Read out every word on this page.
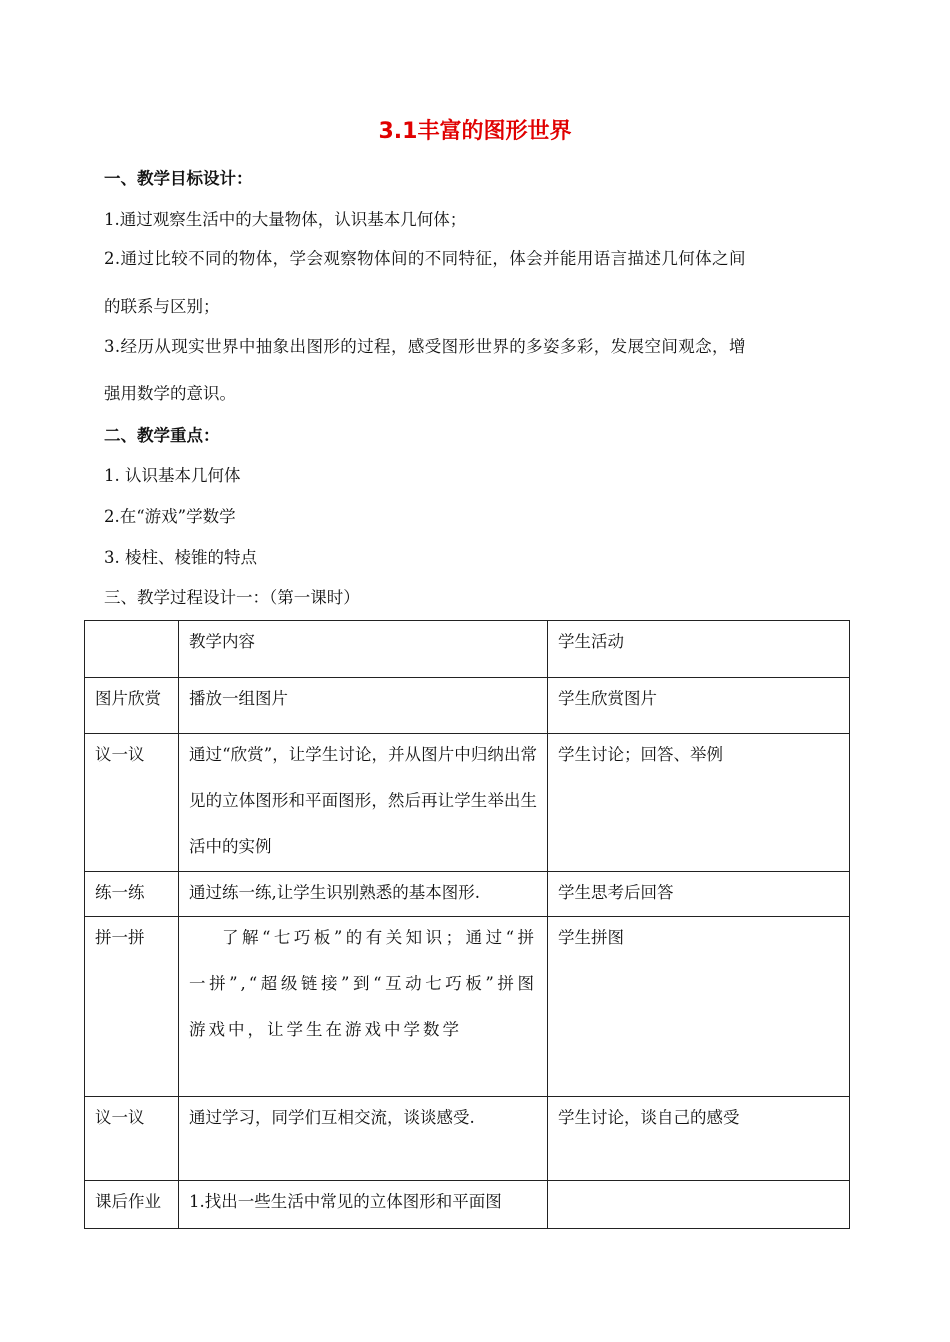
3.1丰富的图形世界
一、教学目标设计：
1.通过观察生活中的大量物体，认识基本几何体；
2.通过比较不同的物体，学会观察物体间的不同特征，体会并能用语言描述几何体之间
的联系与区别；
3.经历从现实世界中抽象出图形的过程，感受图形世界的多姿多彩，发展空间观念，增
强用数学的意识。
二、教学重点：
1. 认识基本几何体
2.在“游戏”学数学
3. 棱柱、棱锥的特点
三、教学过程设计一：（第一课时）

	教学内容	学生活动

图片欣赏	播放一组图片	学生欣赏图片

议一议	通过“欣赏”，让学生讨论，并从图片中归纳出常见的立体图形和平面图形，然后再让学生举出生活中的实例	学生讨论；回答、举例

练一练	通过练一练,让学生识别熟悉的基本图形.	学生思考后回答

拼一拼	了解“七巧板”的有关知识；通过“拼一拼”,“超级链接”到“互动七巧板”拼图游戏中，让学生在游戏中学数学	学生拼图

议一议	通过学习，同学们互相交流，谈谈感受.	学生讨论，谈自己的感受

课后作业	1.找出一些生活中常见的立体图形和平面图	
